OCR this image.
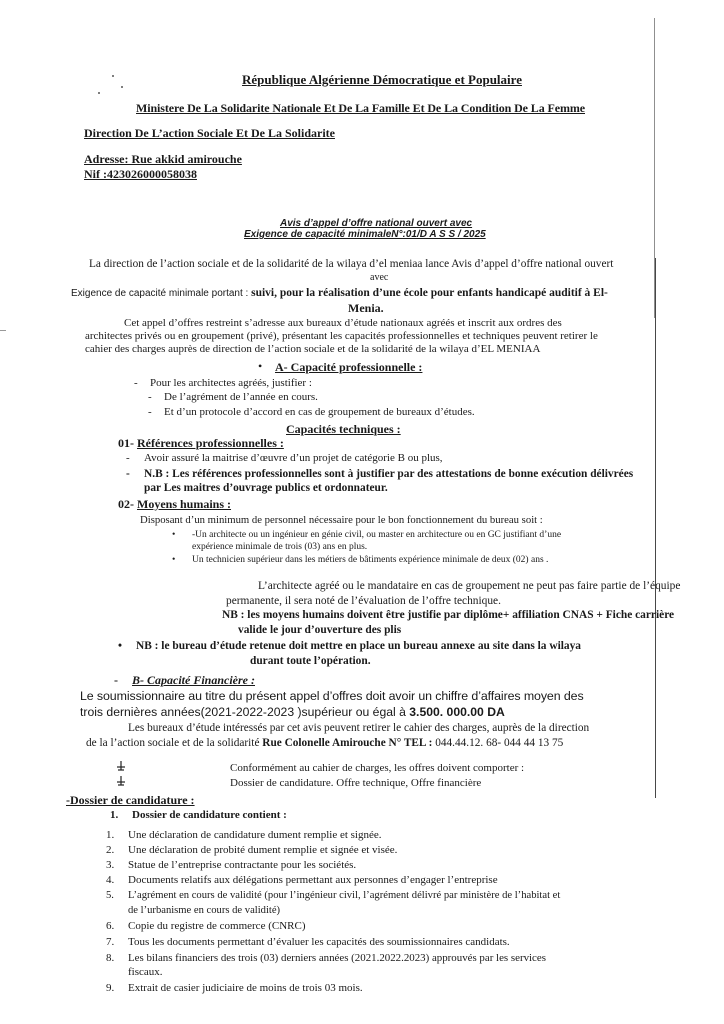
République Algérienne Démocratique et Populaire
Ministere De La Solidarite Nationale Et De La Famille Et De La Condition De La Femme
Direction De L’action Sociale Et De La Solidarite
Adresse: Rue akkid amirouche
Nif :423026000058038
Avis d’appel d’offre national ouvert avec
Exigence de capacité minimaleN°:01/D A S S / 2025
La direction de l’action sociale et de la solidarité de la wilaya d’el meniaa lance Avis d’appel d’offre national ouvert
avec
Exigence de capacité minimale portant : suivi, pour la réalisation d’une école pour enfants handicapé auditif à El-
Menia.
Cet appel d’offres restreint s’adresse aux bureaux d’étude nationaux agréés et inscrit aux ordres des
architectes privés ou en groupement (privé), présentant les capacités professionnelles et techniques peuvent retirer le
cahier des charges auprès de direction de l’action sociale et de la solidarité de la wilaya d’EL MENIAA
• A- Capacité professionnelle :
- Pour les architectes agréés, justifier :
- De l’agrément de l’année en cours.
- Et d’un protocole d’accord en cas de groupement de bureaux d’études.
Capacités techniques :
01- Références professionnelles :
- Avoir assuré la maitrise d’œuvre d’un projet de catégorie B ou plus,
- N.B : Les références professionnelles sont à justifier par des attestations de bonne exécution délivrées
par Les maitres d’ouvrage publics et ordonnateur.
02- Moyens humains :
Disposant d’un minimum de personnel nécessaire pour le bon fonctionnement du bureau soit :
• -Un architecte ou un ingénieur en génie civil, ou master en architecture ou en GC justifiant d’une
expérience minimale de trois (03) ans en plus.
• Un technicien supérieur dans les métiers de bâtiments expérience minimale de deux (02) ans .
L’architecte agréé ou le mandataire en cas de groupement ne peut pas faire partie de l’équipe
permanente, il sera noté de l’évaluation de l’offre technique.
NB : les moyens humains doivent être justifie par diplôme+ affiliation CNAS + Fiche carrière
valide le jour d’ouverture des plis
• NB : le bureau d’étude retenue doit mettre en place un bureau annexe au site dans la wilaya
durant toute l’opération.
- B- Capacité Financière :
Le soumissionnaire au titre du présent appel d’offres doit avoir un chiffre d’affaires moyen des
trois dernières années(2021-2022-2023 )supérieur ou égal à 3.500. 000.00 DA
Les bureaux d’étude intéressés par cet avis peuvent retirer le cahier des charges, auprès de la direction
de la l’action sociale et de la solidarité Rue Colonelle Amirouche N° TEL : 044.44.12. 68- 044 44 13 75
Conformément au cahier de charges, les offres doivent comporter :
Dossier de candidature. Offre technique, Offre financière
-Dossier de candidature :
1. Dossier de candidature contient :
1. Une déclaration de candidature dument remplie et signée.
2. Une déclaration de probité dument remplie et signée et visée.
3. Statue de l’entreprise contractante pour les sociétés.
4. Documents relatifs aux délégations permettant aux personnes d’engager l’entreprise
5. L’agrément en cours de validité (pour l’ingénieur civil, l’agrément délivré par ministère de l’habitat et
de l’urbanisme en cours de validité)
6. Copie du registre de commerce (CNRC)
7. Tous les documents permettant d’évaluer les capacités des soumissionnaires candidats.
8. Les bilans financiers des trois (03) derniers années (2021.2022.2023) approuvés par les services
fiscaux.
9. Extrait de casier judiciaire de moins de trois 03 mois.
